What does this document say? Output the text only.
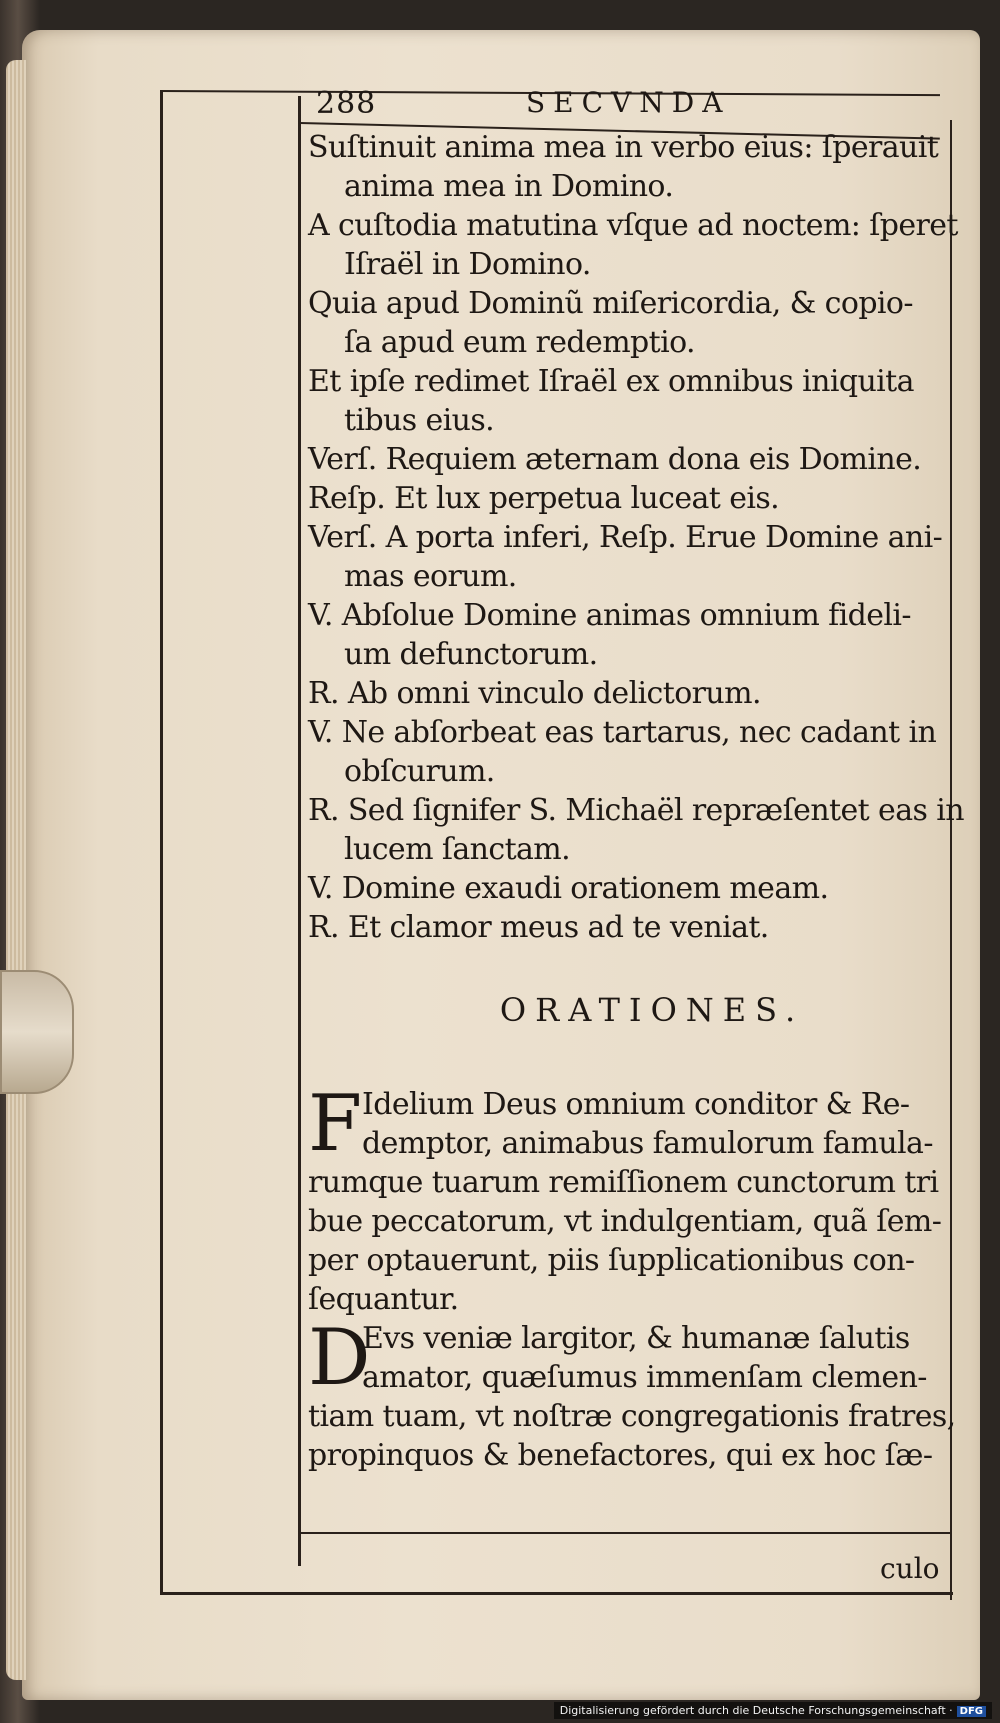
288	SECVNDA
Suſtinuit anima mea in verbo eius: ſperauit
anima mea in Domino.
A cuſtodia matutina vſque ad noctem: ſperet
Iſraël in Domino.
Quia apud Dominũ miſericordia, & copio-
ſa apud eum redemptio.
Et ipſe redimet Iſraël ex omnibus iniquita
tibus eius.
Verſ. Requiem æternam dona eis Domine.
Reſp. Et lux perpetua luceat eis.
Verſ. A porta inferi, Reſp. Erue Domine ani-
mas eorum.
V. Abſolue Domine animas omnium fideli-
um defunctorum.
R. Ab omni vinculo delictorum.
V. Ne abſorbeat eas tartarus, nec cadant in
obſcurum.
R. Sed ſignifer S. Michaël repræſentet eas in
lucem ſanctam.
V. Domine exaudi orationem meam.
R. Et clamor meus ad te veniat.
ORATIONES.
F Idelium Deus omnium conditor & Re-
demptor, animabus famulorum famula-
rumque tuarum remiſſionem cunctorum tri
bue peccatorum, vt indulgentiam, quã ſem-
per optauerunt, piis ſupplicationibus con-
ſequantur.
D
Evs veniæ largitor, & humanæ ſalutis
amator, quæſumus immenſam clemen-
tiam tuam, vt noſtræ congregationis fratres,
propinquos & benefactores, qui ex hoc ſæ-
culo
Digitalisierung gefördert durch die Deutsche Forschungsgemeinschaft · DFG
